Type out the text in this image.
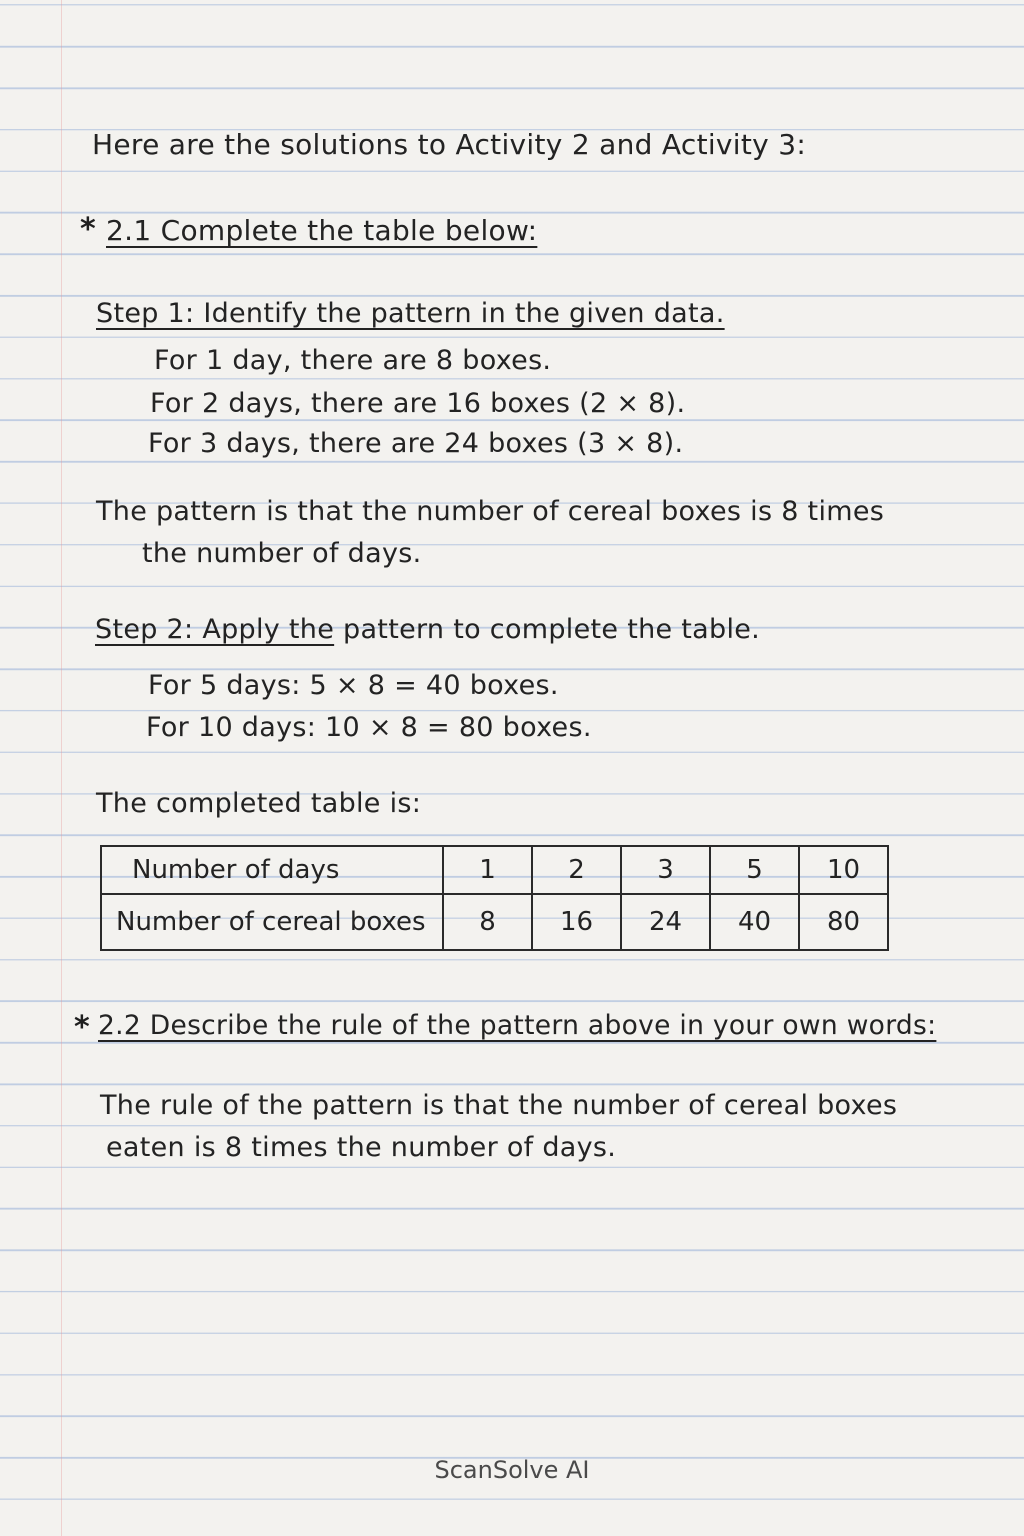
Here are the solutions to Activity 2 and Activity 3:
* 2.1 Complete the table below:
Step 1: Identify the pattern in the given data.
For 1 day, there are 8 boxes.
For 2 days, there are 16 boxes (2 × 8).
For 3 days, there are 24 boxes (3 × 8).
The pattern is that the number of cereal boxes is 8 times
the number of days.
Step 2: Apply the pattern to complete the table.
For 5 days: 5 × 8 = 40 boxes.
For 10 days: 10 × 8 = 80 boxes.
The completed table is:
Number of days	1	2	3	5	10
Number of cereal boxes	8	16	24	40	80
* 2.2 Describe the rule of the pattern above in your own words:
The rule of the pattern is that the number of cereal boxes
eaten is 8 times the number of days.
ScanSolve AI
